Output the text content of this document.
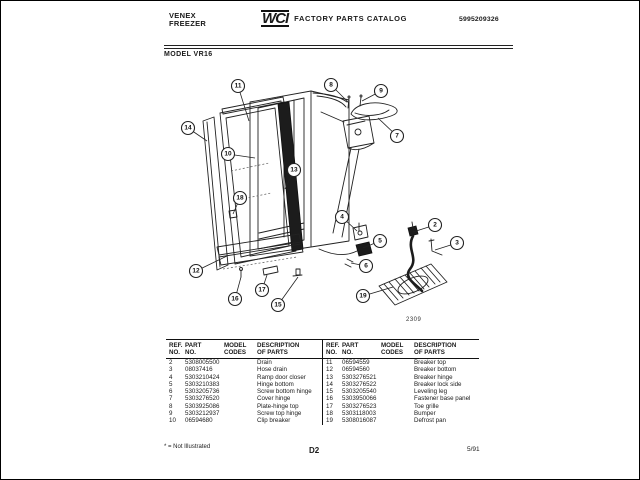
VENEX
FREEZER	WCI FACTORY PARTS CATALOG	5995209326
MODEL VR16
2
3
4
5
6
7
8
9
10
11
12
13
14
15
16
17
18
19
2309
REF.
NO.
PART
NO.
MODEL
CODES
DESCRIPTION
OF PARTS
2	5308005500	Drain
3	08037416	Hose drain
4	5303210424	Ramp door closer
5	5303210383	Hinge bottom
6	5303205736	Screw bottom hinge
7	5303276520	Cover hinge
8	5303925086	Plate-hinge top
9	5303212937	Screw top hinge
10	06594680	Clip breaker
REF.
NO.
PART
NO.
MODEL
CODES
DESCRIPTION
OF PARTS
11	06594559	Breaker top
12	06594560	Breaker bottom
13	5303276521	Breaker hinge
14	5303276522	Breaker lock side
15	5303205540	Leveling leg
16	5303950066	Fastener base panel
17	5303276523	Toe grille
18	5303118003	Bumper
19	5308016087	Defrost pan
* = Not Illustrated	D2	5/91
